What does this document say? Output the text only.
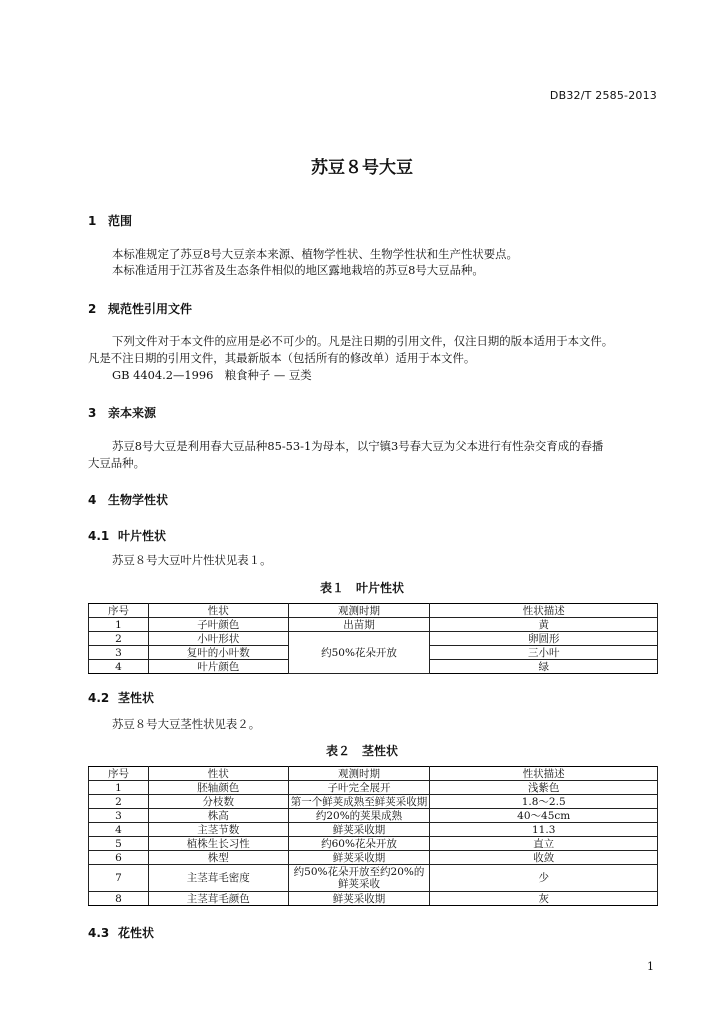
DB32/T 2585-2013
苏豆８号大豆
1 范围
本标准规定了苏豆8号大豆亲本来源、植物学性状、生物学性状和生产性状要点。
本标准适用于江苏省及生态条件相似的地区露地栽培的苏豆8号大豆品种。
2 规范性引用文件
下列文件对于本文件的应用是必不可少的。凡是注日期的引用文件，仅注日期的版本适用于本文件。
凡是不注日期的引用文件，其最新版本（包括所有的修改单）适用于本文件。
GB 4404.2—1996　粮食种子 — 豆类
3 亲本来源
苏豆8号大豆是利用春大豆品种85-53-1为母本，以宁镇3号春大豆为父本进行有性杂交育成的春播
大豆品种。
4 生物学性状
4.1 叶片性状
苏豆８号大豆叶片性状见表１。
表１　叶片性状
序号	性状	观测时期	性状描述
1	子叶颜色	出苗期	黄
2	小叶形状	约50%花朵开放	卵圆形
3	复叶的小叶数		三小叶
4	叶片颜色		绿
4.2 茎性状
苏豆８号大豆茎性状见表２。
表２　茎性状
序号	性状	观测时期	性状描述
1	胚轴颜色	子叶完全展开	浅紫色
2	分枝数	第一个鲜荚成熟至鲜荚采收期	1.8～2.5
3	株高	约20%的荚果成熟	40～45cm
4	主茎节数	鲜荚采收期	11.3
5	植株生长习性	约60%花朵开放	直立
6	株型	鲜荚采收期	收敛
7	主茎茸毛密度	约50%花朵开放至约20%的鲜荚采收	少
8	主茎茸毛颜色	鲜荚采收期	灰
4.3 花性状
1
